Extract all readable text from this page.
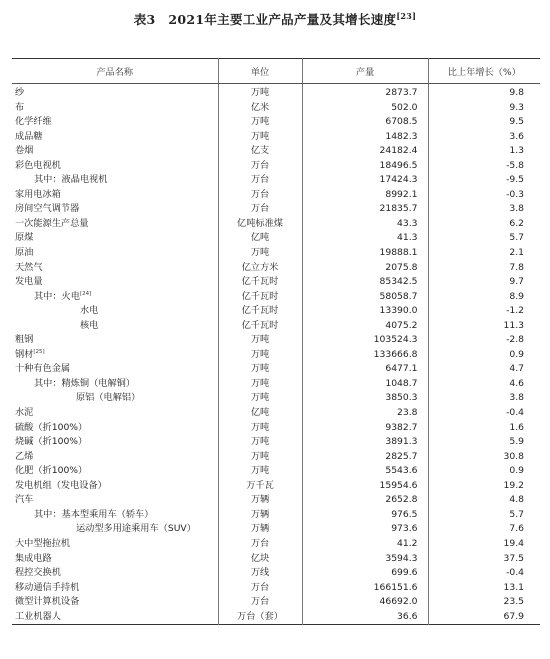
表3　2021年主要工业产品产量及其增长速度[23]
产品名称	单位	产量	比上年增长（%）
纱	万吨	2873.7	9.8
布	亿米	502.0	9.3
化学纤维	万吨	6708.5	9.5
成品糖	万吨	1482.3	3.6
卷烟	亿支	24182.4	1.3
彩色电视机	万台	18496.5	-5.8
其中：液晶电视机	万台	17424.3	-9.5
家用电冰箱	万台	8992.1	-0.3
房间空气调节器	万台	21835.7	3.8
一次能源生产总量	亿吨标准煤	43.3	6.2
原煤	亿吨	41.3	5.7
原油	万吨	19888.1	2.1
天然气	亿立方米	2075.8	7.8
发电量	亿千瓦时	85342.5	9.7
其中：火电[24]	亿千瓦时	58058.7	8.9
水电	亿千瓦时	13390.0	-1.2
核电	亿千瓦时	4075.2	11.3
粗钢	万吨	103524.3	-2.8
钢材[25]	万吨	133666.8	0.9
十种有色金属	万吨	6477.1	4.7
其中：精炼铜（电解铜）	万吨	1048.7	4.6
原铝（电解铝）	万吨	3850.3	3.8
水泥	亿吨	23.8	-0.4
硫酸（折100%）	万吨	9382.7	1.6
烧碱（折100%）	万吨	3891.3	5.9
乙烯	万吨	2825.7	30.8
化肥（折100%）	万吨	5543.6	0.9
发电机组（发电设备）	万千瓦	15954.6	19.2
汽车	万辆	2652.8	4.8
其中：基本型乘用车（轿车）	万辆	976.5	5.7
运动型多用途乘用车（SUV）	万辆	973.6	7.6
大中型拖拉机	万台	41.2	19.4
集成电路	亿块	3594.3	37.5
程控交换机	万线	699.6	-0.4
移动通信手持机	万台	166151.6	13.1
微型计算机设备	万台	46692.0	23.5
工业机器人	万台（套）	36.6	67.9
